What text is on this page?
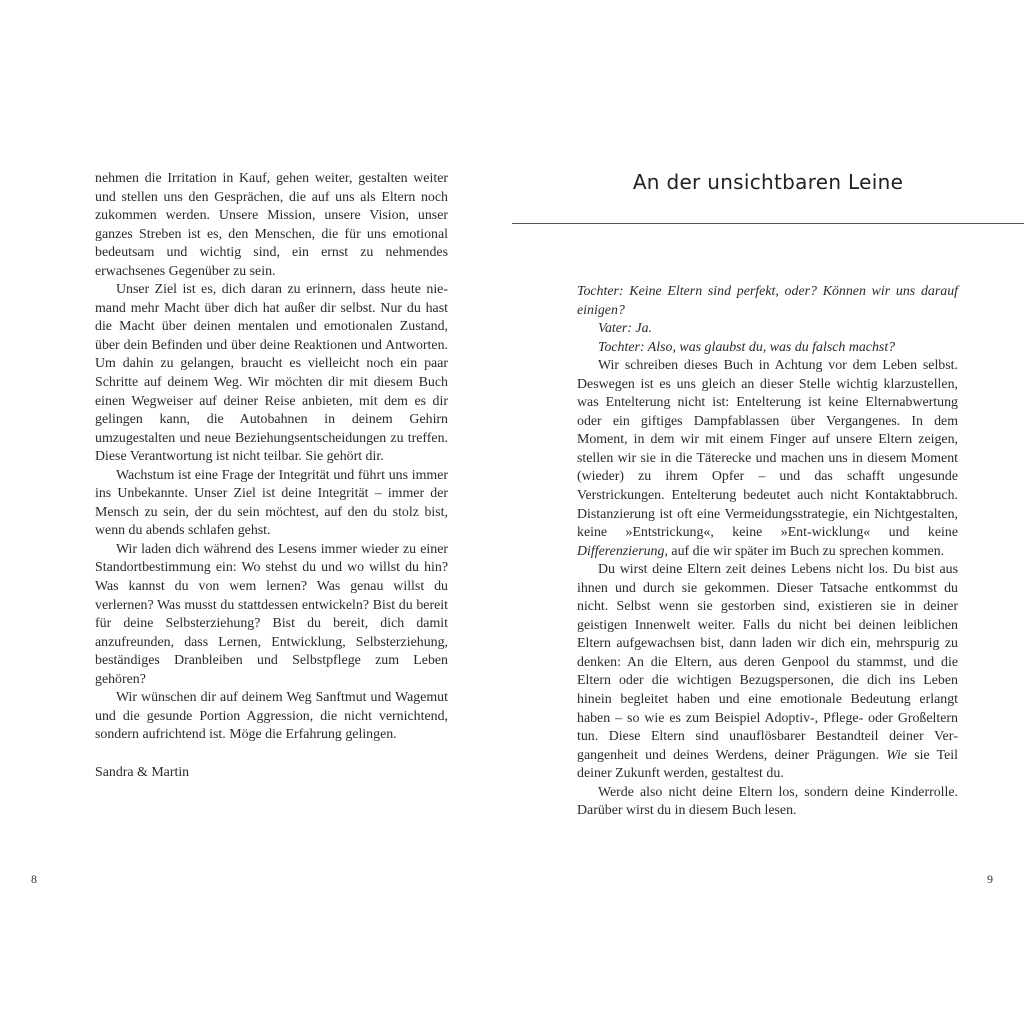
nehmen die Irritation in Kauf, gehen weiter, gestalten weiter und stellen uns den Gesprächen, die auf uns als Eltern noch zukommen werden. Unsere Mission, unsere Vision, unser ganzes Streben ist es, den Menschen, die für uns emotional bedeutsam und wichtig sind, ein ernst zu nehmendes erwachsenes Gegenüber zu sein.

Unser Ziel ist es, dich daran zu erinnern, dass heute niemand mehr Macht über dich hat außer dir selbst. Nur du hast die Macht über deinen mentalen und emotionalen Zustand, über dein Befinden und über deine Reaktionen und Antworten. Um dahin zu gelangen, braucht es vielleicht noch ein paar Schritte auf deinem Weg. Wir möchten dir mit diesem Buch einen Wegweiser auf deiner Reise anbieten, mit dem es dir gelingen kann, die Autobahnen in deinem Gehirn umzugestalten und neue Beziehungsentscheidungen zu treffen. Diese Verantwortung ist nicht teilbar. Sie gehört dir.

Wachstum ist eine Frage der Integrität und führt uns immer ins Unbekannte. Unser Ziel ist deine Integrität – immer der Mensch zu sein, der du sein möchtest, auf den du stolz bist, wenn du abends schlafen gehst.

Wir laden dich während des Lesens immer wieder zu einer Standortbestimmung ein: Wo stehst du und wo willst du hin? Was kannst du von wem lernen? Was genau willst du verlernen? Was musst du stattdessen entwickeln? Bist du bereit für deine Selbsterziehung? Bist du bereit, dich damit anzufreunden, dass Lernen, Entwicklung, Selbsterziehung, beständiges Dranbleiben und Selbstpflege zum Leben gehören?

Wir wünschen dir auf deinem Weg Sanftmut und Wagemut und die gesunde Portion Aggression, die nicht vernichtend, sondern aufrichtend ist. Möge die Erfahrung gelingen.

Sandra & Martin

8
An der unsichtbaren Leine

Tochter: Keine Eltern sind perfekt, oder? Können wir uns darauf einigen?

Vater: Ja.

Tochter: Also, was glaubst du, was du falsch machst?

Wir schreiben dieses Buch in Achtung vor dem Leben selbst. Deswegen ist es uns gleich an dieser Stelle wichtig klarzustellen, was Entelterung nicht ist: Entelterung ist keine Elternabwertung oder ein giftiges Dampfablassen über Vergangenes. In dem Moment, in dem wir mit einem Finger auf unsere Eltern zeigen, stellen wir sie in die Täterecke und machen uns in diesem Moment (wieder) zu ihrem Opfer – und das schafft ungesunde Verstrickungen. Entelterung bedeutet auch nicht Kontaktabbruch. Distanzierung ist oft eine Vermeidungsstrategie, ein Nichtgestalten, keine »Entstrickung«, keine »Ent-wicklung« und keine Differenzierung, auf die wir später im Buch zu sprechen kommen.

Du wirst deine Eltern zeit deines Lebens nicht los. Du bist aus ihnen und durch sie gekommen. Dieser Tatsache entkommst du nicht. Selbst wenn sie gestorben sind, existieren sie in deiner geistigen Innenwelt weiter. Falls du nicht bei deinen leiblichen Eltern aufgewachsen bist, dann laden wir dich ein, mehrspurig zu denken: An die Eltern, aus deren Genpool du stammst, und die Eltern oder die wichtigen Bezugspersonen, die dich ins Leben hinein begleitet haben und eine emotionale Bedeutung erlangt haben – so wie es zum Beispiel Adoptiv-, Pflege- oder Großeltern tun. Diese Eltern sind unauflösbarer Bestandteil deiner Vergangenheit und deines Werdens, deiner Prägungen. Wie sie Teil deiner Zukunft werden, gestaltest du.

Werde also nicht deine Eltern los, sondern deine Kinderrolle. Darüber wirst du in diesem Buch lesen.

9
